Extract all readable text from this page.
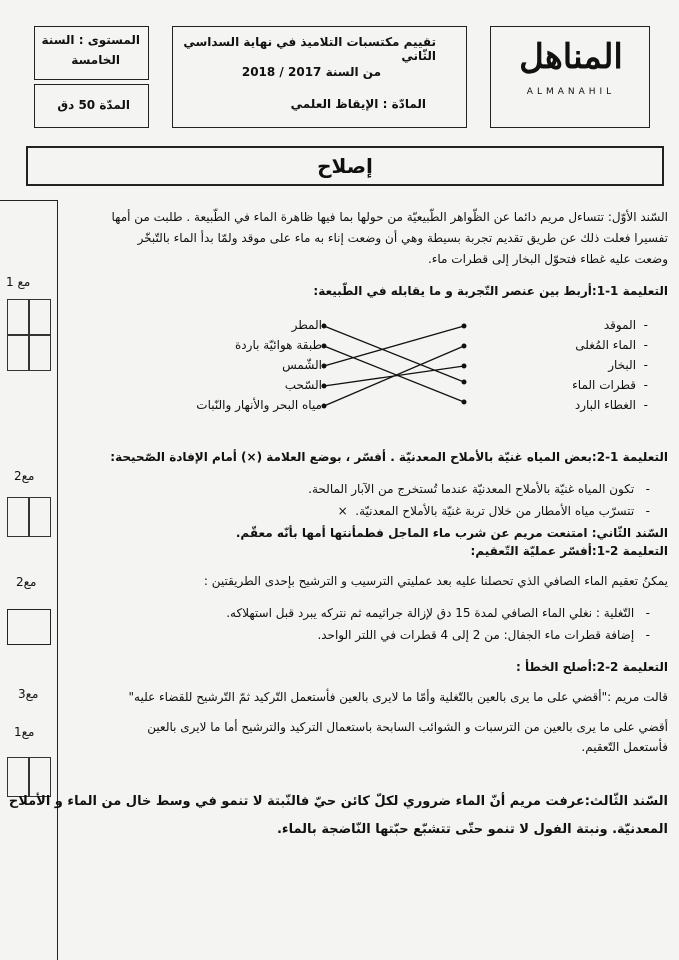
المستوى : السنة
الخامسة
المدّة 50 دق
تقييم مكتسبات التلاميذ في نهاية السداسي الثّاني
من السنة 2017 / 2018
المادّة : الإيقاظ العلمي
المناهل
ALMANAHIL
إصلاح
مع 1
مع2
مع2
مع3
مع1
السّند الأوّل: تتساءل مريم دائما عن الظّواهر الطّبيعيّة من حولها بما فيها ظاهرة الماء في الطّبيعة . طلبت من أمها
تفسيرا فعلت ذلك عن طريق تقديم تجربة بسيطة وهي أن وضعت إناء به ماء على موقد ولمّا بدأ الماء بالتّبخّر
وضعت عليه غطاء فتحوّل البخار إلى قطرات ماء.
التعليمة 1-1:أربط بين عنصر التّجربة و ما يقابله في الطّبيعة:
-  الموقد
-  الماء المُغلى
-  البخار
-  قطرات الماء
-  الغطاء البارد
المطر
طبقة هوائيّة باردة
الشّمس
السّحب
مياه البحر والأنهار والنّبات
التعليمة 1-2:بعض المياه غنيّة بالأملاح المعدنيّة . أفسّر ، بوضع العلامة (×) أمام الإفادة الصّحيحة:
-   تكون المياه غنيّة بالأملاح المعدنيّة عندما تُستخرج من الآبار المالحة.
-   تتسرّب مياه الأمطار من خلال تربة غنيّة بالأملاح المعدنيّة.  ×
السّند الثّاني: امتنعت مريم عن شرب ماء الماجل فطمأنتها أمها بأنّه معقّم.
التعليمة 2-1:أفسّر عمليّة التّعقيم:
يمكنُ تعقيم الماء الصافي الذي تحصلنا عليه بعد عمليتي الترسيب و الترشيح بإحدى الطريقتين :
-   التّغلية : نغلي الماء الصافي لمدة 15 دق لإزالة جراثيمه ثم نتركه يبرد قبل استهلاكه.
-   إضافة قطرات ماء الجفال: من 2 إلى 4 قطرات في اللتر الواحد.
التعليمة 2-2:أصلح الخطأ :
قالت مريم :"أقضي على ما يرى بالعين بالتّغلية وأمّا ما لايرى بالعين فأستعمل التّركيد ثمّ التّرشيح للقضاء عليه"
أقضي على ما يرى بالعين من الترسبات و الشوائب السابحة باستعمال التركيد والترشيح أما ما لايرى بالعين
فأستعمل التّعقيم.
السّند الثّالث:عرفت مريم أنّ الماء ضروري لكلّ كائن حيّ فالنّبتة لا تنمو في وسط خال من الماء و الأملاح
المعدنيّة. ونبتة الفول لا تنمو حتّى تتشبّع حبّتها النّاضجة بالماء.
